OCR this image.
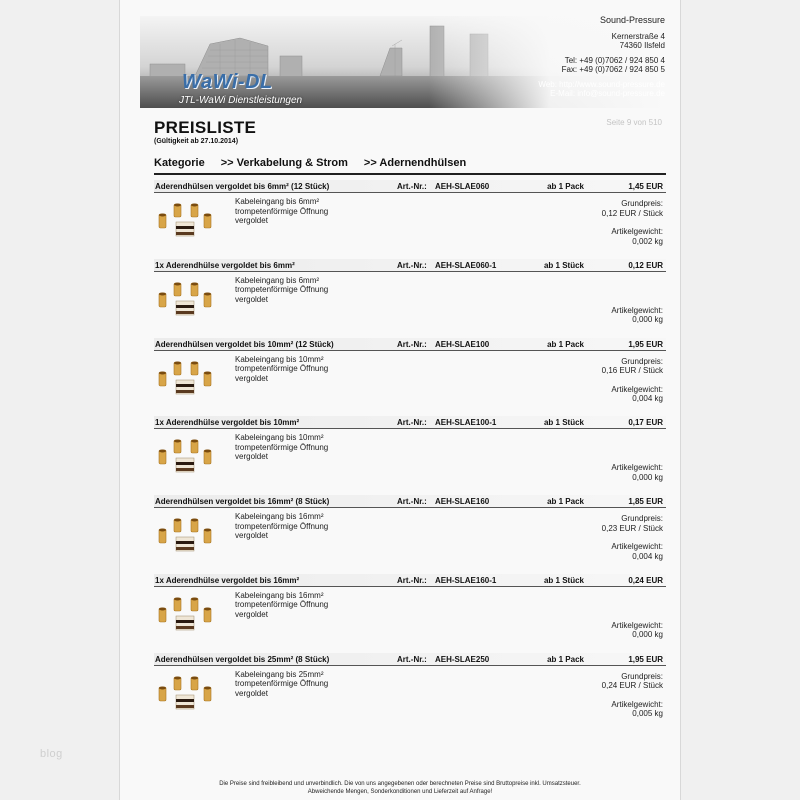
blog
WaWi-DL
JTL-WaWi Dienstleistungen
Sound-Pressure
Kernerstraße 4
74360 Ilsfeld
Tel: +49 (0)7062 / 924 850 4
Fax: +49 (0)7062 / 924 850 5
Web: http://www.sound-pressure.de
E-Mail: info@sound-pressure.de
PREISLISTE
(Gültigkeit ab 27.10.2014)
Seite 9 von 510
Kategorie >> Verkabelung & Strom >> Adernendhülsen
Aderendhülsen vergoldet bis 6mm² (12 Stück)	Art.-Nr.: AEH-SLAE060	ab 1 Pack	1,45 EUR
Kabeleingang bis 6mm²
trompetenförmige Öffnung
vergoldet
Grundpreis:
0,12 EUR / Stück
Artikelgewicht:
0,002 kg
1x Aderendhülse vergoldet bis 6mm²	Art.-Nr.: AEH-SLAE060-1	ab 1 Stück	0,12 EUR
Kabeleingang bis 6mm²
trompetenförmige Öffnung
vergoldet
Artikelgewicht:
0,000 kg
Aderendhülsen vergoldet bis 10mm² (12 Stück)	Art.-Nr.: AEH-SLAE100	ab 1 Pack	1,95 EUR
Kabeleingang bis 10mm²
trompetenförmige Öffnung
vergoldet
Grundpreis:
0,16 EUR / Stück
Artikelgewicht:
0,004 kg
1x Aderendhülse vergoldet bis 10mm²	Art.-Nr.: AEH-SLAE100-1	ab 1 Stück	0,17 EUR
Kabeleingang bis 10mm²
trompetenförmige Öffnung
vergoldet
Artikelgewicht:
0,000 kg
Aderendhülsen vergoldet bis 16mm² (8 Stück)	Art.-Nr.: AEH-SLAE160	ab 1 Pack	1,85 EUR
Kabeleingang bis 16mm²
trompetenförmige Öffnung
vergoldet
Grundpreis:
0,23 EUR / Stück
Artikelgewicht:
0,004 kg
1x Aderendhülse vergoldet bis 16mm²	Art.-Nr.: AEH-SLAE160-1	ab 1 Stück	0,24 EUR
Kabeleingang bis 16mm²
trompetenförmige Öffnung
vergoldet
Artikelgewicht:
0,000 kg
Aderendhülsen vergoldet bis 25mm² (8 Stück)	Art.-Nr.: AEH-SLAE250	ab 1 Pack	1,95 EUR
Kabeleingang bis 25mm²
trompetenförmige Öffnung
vergoldet
Grundpreis:
0,24 EUR / Stück
Artikelgewicht:
0,005 kg
Die Preise sind freibleibend und unverbindlich. Die von uns angegebenen oder berechneten Preise sind Bruttopreise inkl. Umsatzsteuer.
Abweichende Mengen, Sonderkonditionen und Lieferzeit auf Anfrage!
